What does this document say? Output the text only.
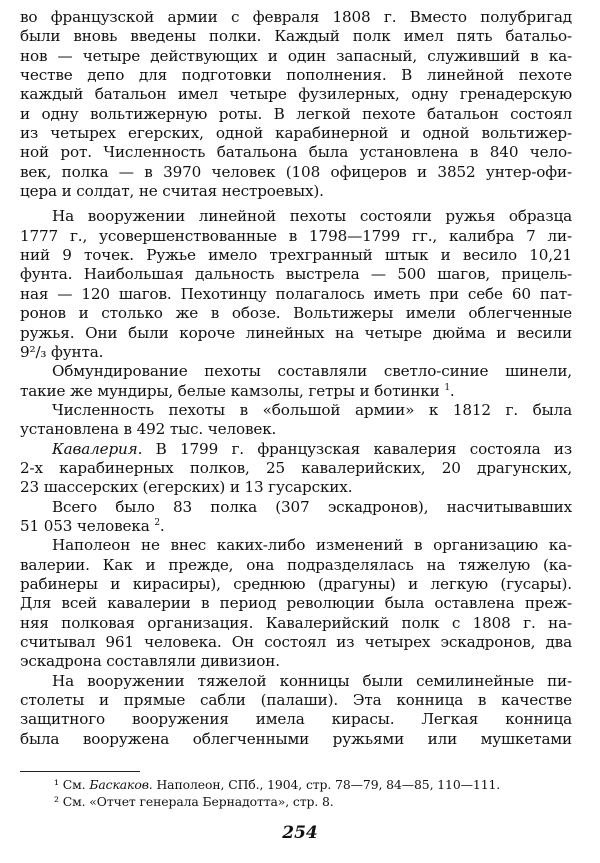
во французской армии с февраля 1808 г. Вместо полубригад
были вновь введены полки. Каждый полк имел пять батальо-
нов — четыре действующих и один запасный, служивший в ка-
честве депо для подготовки пополнения. В линейной пехоте
каждый батальон имел четыре фузилерных, одну гренадерскую
и одну вольтижерную роты. В легкой пехоте батальон состоял
из четырех егерских, одной карабинерной и одной вольтижер-
ной рот. Численность батальона была установлена в 840 чело-
век, полка — в 3970 человек (108 офицеров и 3852 унтер-офи-
цера и солдат, не считая нестроевых).
На вооружении линейной пехоты состояли ружья образца
1777 г., усовершенствованные в 1798—1799 гг., калибра 7 ли-
ний 9 точек. Ружье имело трехгранный штык и весило 10,21
фунта. Наибольшая дальность выстрела — 500 шагов, прицель-
ная — 120 шагов. Пехотинцу полагалось иметь при себе 60 пат-
ронов и столько же в обозе. Вольтижеры имели облегченные
ружья. Они были короче линейных на четыре дюйма и весили
9²/₃ фунта.
Обмундирование пехоты составляли светло-синие шинели,
такие же мундиры, белые камзолы, гетры и ботинки $^1$.
Численность пехоты в «большой армии» к 1812 г. была
установлена в 492 тыс. человек.
Кавалерия. В 1799 г. французская кавалерия состояла из
2-х карабинерных полков, 25 кавалерийских, 20 драгунских,
23 шассерских (егерских) и 13 гусарских.
Всего было 83 полка (307 эскадронов), насчитывавших
51 053 человека $^2$.
Наполеон не внес каких-либо изменений в организацию ка-
валерии. Как и прежде, она подразделялась на тяжелую (ка-
рабинеры и кирасиры), среднюю (драгуны) и легкую (гусары).
Для всей кавалерии в период революции была оставлена преж-
няя полковая организация. Кавалерийский полк с 1808 г. на-
считывал 961 человека. Он состоял из четырех эскадронов, два
эскадрона составляли дивизион.
На вооружении тяжелой конницы были семилинейные пи-
столеты и прямые сабли (палаши). Эта конница в качестве
защитного вооружения имела кирасы. Легкая конница
была вооружена облегченными ружьями или мушкетами
¹ См. Баскаков. Наполеон, СПб., 1904, стр. 78—79, 84—85, 110—111.
² См. «Отчет генерала Бернадотта», стр. 8.
254
